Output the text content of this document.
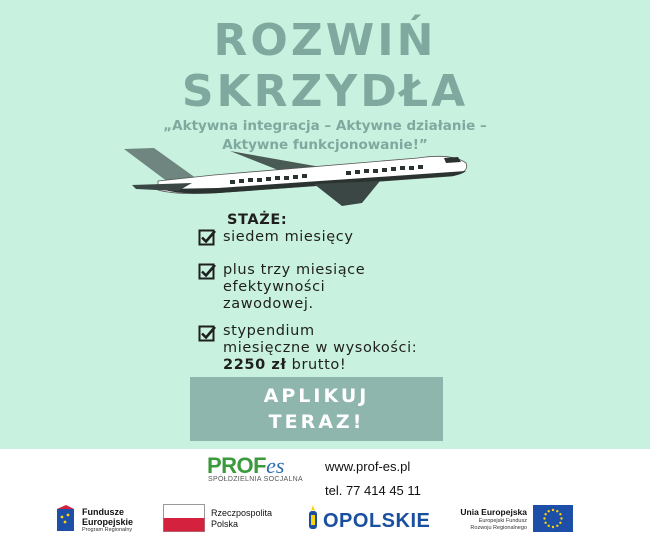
ROZWIŃ
SKRZYDŁA
„Aktywna integracja – Aktywne działanie –
Aktywne funkcjonowanie!”
STAŻE:
siedem miesięcy
plus trzy miesiące
efektywności
zawodowej.
stypendium
miesięczne w wysokości:
2250 zł brutto!
APLIKUJ
TERAZ!
PROFes
SPÓŁDZIELNIA SOCJALNA
www.prof-es.pl
tel. 77 414 45 11
Fundusze
Europejskie
Program Regionalny
Rzeczpospolita
Polska	OPOLSKIE	Unia Europejska
Europejski Fundusz
Rozwoju Regionalnego
